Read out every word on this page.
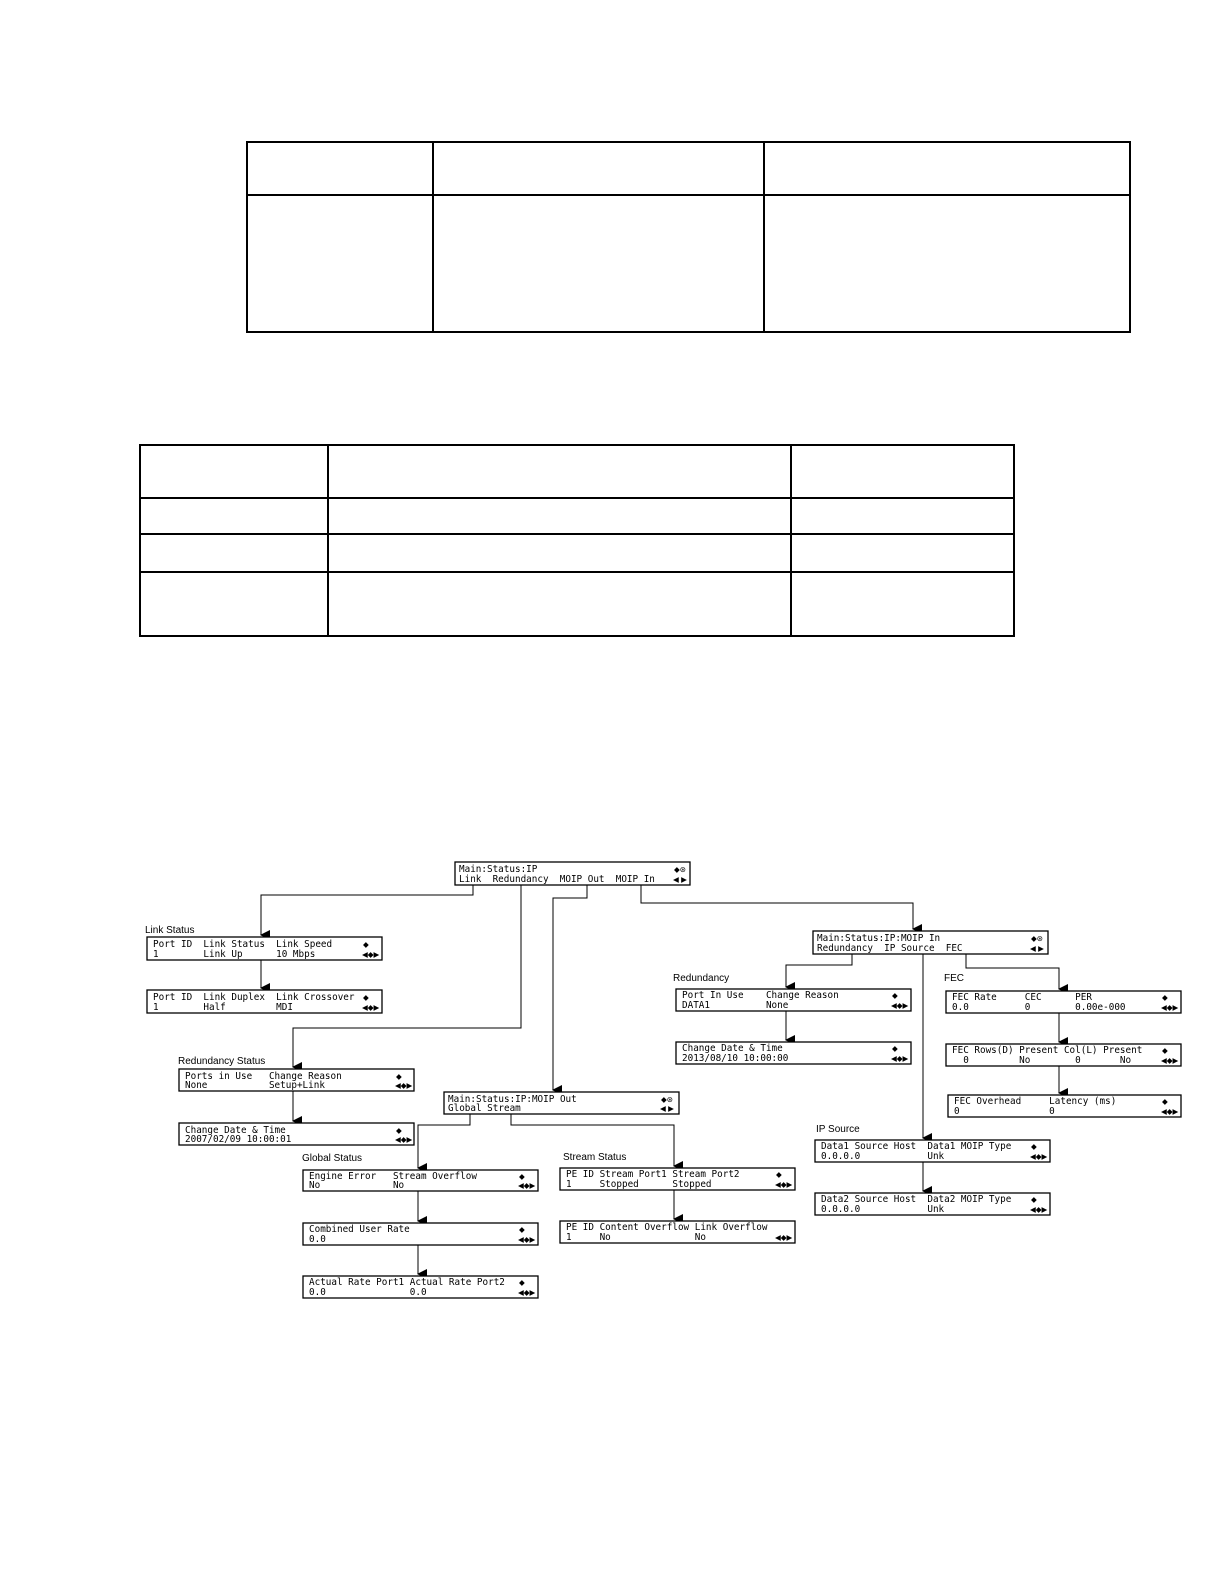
Link Status
Redundancy Status
Global Status	Stream Status
Redundancy
IP Source
FEC
Main:Status:IP
Link  Redundancy  MOIP Out  MOIP In
◆⊛
◀ ▶
Port ID  Link Status  Link Speed
1        Link Up      10 Mbps
◆
◀◆▶
Port ID  Link Duplex  Link Crossover
1        Half         MDI
◆
◀◆▶
Ports in Use   Change Reason
None           Setup+Link
◆
◀◆▶
Change Date & Time
2007/02/09 10:00:01
◆
◀◆▶
Main:Status:IP:MOIP Out
Global Stream
◆⊛
◀ ▶
Engine Error   Stream Overflow
No             No
◆
◀◆▶
Combined User Rate
0.0
◆
◀◆▶
Actual Rate Port1 Actual Rate Port2
0.0               0.0
◆
◀◆▶
PE ID Stream Port1 Stream Port2
1     Stopped      Stopped
◆
◀◆▶
PE ID Content Overflow Link Overflow
1     No               No	◀◆▶
Main:Status:IP:MOIP In
Redundancy  IP Source  FEC
◆⊛
◀ ▶
Port In Use    Change Reason
DATA1          None
◆
◀◆▶
Change Date & Time
2013/08/10 10:00:00
◆
◀◆▶
Data1 Source Host  Data1 MOIP Type
0.0.0.0            Unk
◆
◀◆▶
Data2 Source Host  Data2 MOIP Type
0.0.0.0            Unk
◆
◀◆▶
FEC Rate     CEC      PER
0.0          0        0.00e-000
◆
◀◆▶
FEC Rows(D) Present Col(L) Present
0         No        0       No
◆
◀◆▶
FEC Overhead     Latency (ms)
0                0
◆
◀◆▶
